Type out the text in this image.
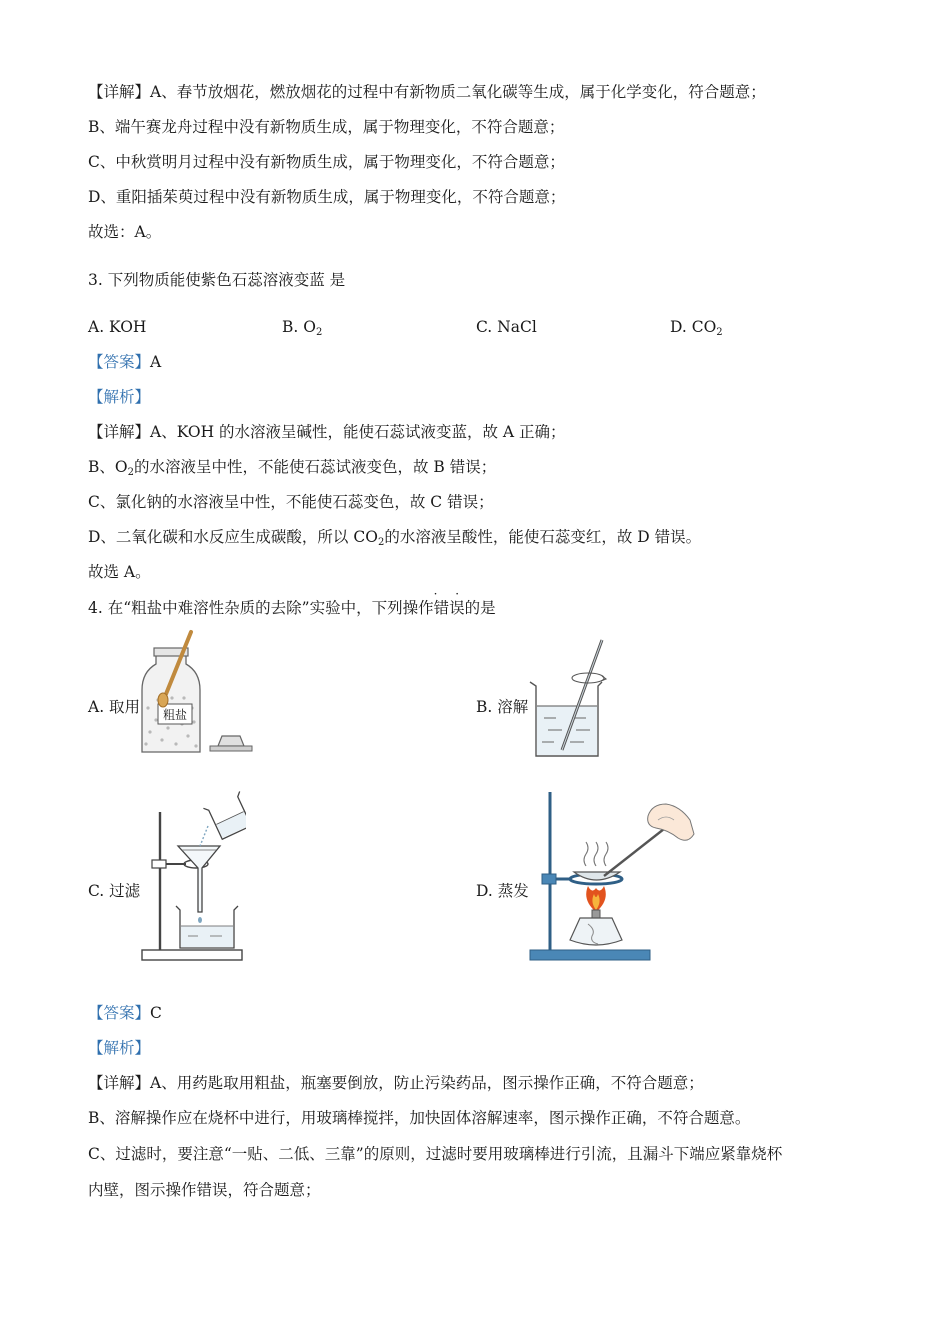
【详解】A、春节放烟花，燃放烟花的过程中有新物质二氧化碳等生成，属于化学变化，符合题意；
B、端午赛龙舟过程中没有新物质生成，属于物理变化，不符合题意；
C、中秋赏明月过程中没有新物质生成，属于物理变化，不符合题意；
D、重阳插茱萸过程中没有新物质生成，属于物理变化，不符合题意；
故选：A。
3. 下列物质能使紫色石蕊溶液变蓝 是
A. KOH	B. $O_2$	C. NaCl	D. $CO_2$
【答案】A
【解析】
【详解】A、KOH 的水溶液呈碱性，能使石蕊试液变蓝，故 A 正确；
B、$O_2$的水溶液呈中性，不能使石蕊试液变色，故 B 错误；
C、氯化钠的水溶液呈中性，不能使石蕊变色，故 C 错误；
D、二氧化碳和水反应生成碳酸，所以 $CO_2$的水溶液呈酸性，能使石蕊变红，故 D 错误。
故选 A。
4. 在“粗盐中难溶性杂质的去除”实验中，下列操作
· ·
错误的是
A. 取用 粗盐	B. 溶解
C. 过滤	D. 蒸发
【答案】C
【解析】
【详解】A、用药匙取用粗盐，瓶塞要倒放，防止污染药品，图示操作正确，不符合题意；
B、溶解操作应在烧杯中进行，用玻璃棒搅拌，加快固体溶解速率，图示操作正确，不符合题意。
C、过滤时，要注意“一贴、二低、三靠”的原则，过滤时要用玻璃棒进行引流，且漏斗下端应紧靠烧杯
内壁，图示操作错误，符合题意；
